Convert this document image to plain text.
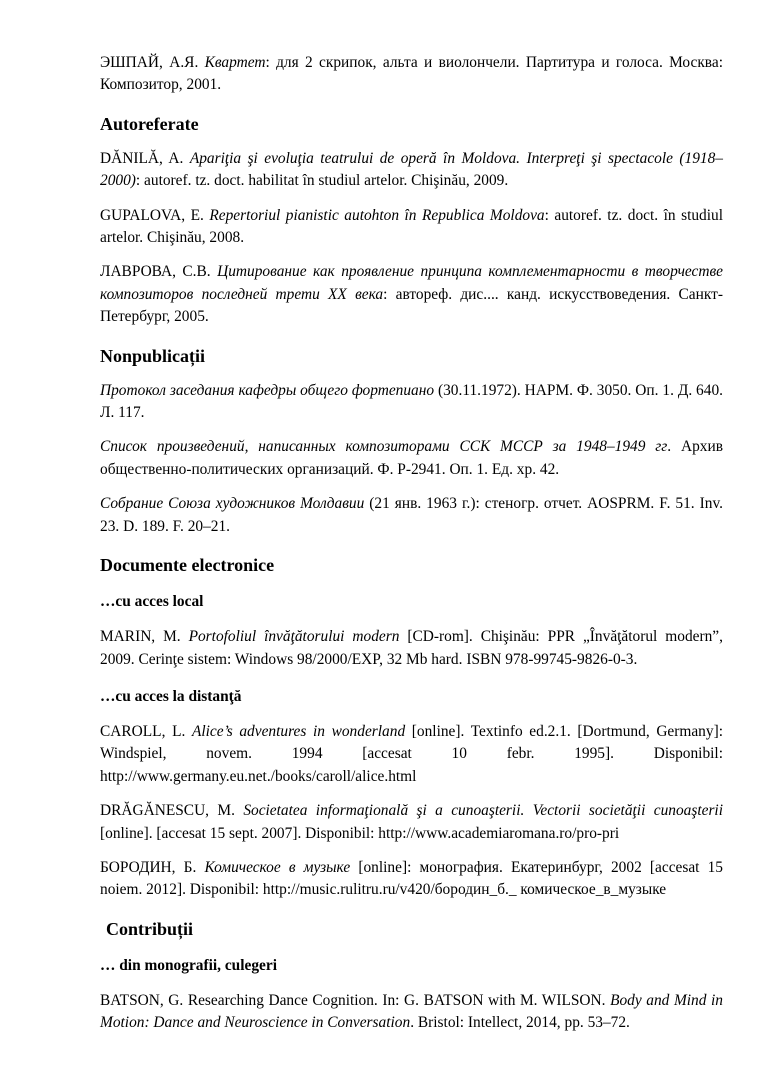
ЭШПАЙ, А.Я. Квартет: для 2 скрипок, альта и виолончели. Партитура и голоса. Москва: Композитор, 2001.

Autoreferate

DĂNILĂ, A. Apariţia şi evoluţia teatrului de operă în Moldova. Interpreţi şi spectacole (1918–2000): autoref. tz. doct. habilitat în studiul artelor. Chişinău, 2009.

GUPALOVA, E. Repertoriul pianistic autohton în Republica Moldova: autoref. tz. doct. în studiul artelor. Chişinău, 2008.

ЛАВРОВА, С.В. Цитирование как проявление принципа комплементарности в творчестве композиторов последней трети XX века: автореф. дис.... канд. искусствоведения. Санкт-Петербург, 2005.

Nonpublicații

Протокол заседания кафедры общего фортепиано (30.11.1972). НАРМ. Ф. 3050. Оп. 1. Д. 640. Л. 117.

Список произведений, написанных композиторами ССК МССР за 1948–1949 гг. Архив общественно-политических организаций. Ф. Р-2941. Оп. 1. Ед. хр. 42.

Собрание Союза художников Молдавии (21 янв. 1963 г.): стеногр. отчет. AOSPRM. F. 51. Inv. 23. D. 189. F. 20–21.

Documente electronice
…cu acces local

MARIN, M. Portofoliul învăţătorului modern [CD-rom]. Chişinău: PPR „Învăţătorul modern”, 2009. Cerinţe sistem: Windows 98/2000/EXP, 32 Mb hard. ISBN 978-99745-9826-0-3.

…cu acces la distanţă

CAROLL, L. Alice’s adventures in wonderland [online]. Textinfo ed.2.1. [Dortmund, Germany]: Windspiel, novem. 1994 [accesat 10 febr. 1995]. Disponibil: http://www.germany.eu.net./books/caroll/alice.html

DRĂGĂNESCU, M. Societatea informaţională şi a cunoaşterii. Vectorii societăţii cunoaşterii [online]. [accesat 15 sept. 2007]. Disponibil: http://www.academiaromana.ro/pro-pri

БОРОДИН, Б. Комическое в музыке [online]: монография. Екатеринбург, 2002 [accesat 15 noiem. 2012]. Disponibil: http://music.rulitru.ru/v420/бородин_б._ комическое_в_музыке

Contribuții
… din monografii, culegeri

BATSON, G. Researching Dance Cognition. In: G. BATSON with M. WILSON. Body and Mind in Motion: Dance and Neuroscience in Conversation. Bristol: Intellect, 2014, pp. 53–72.
